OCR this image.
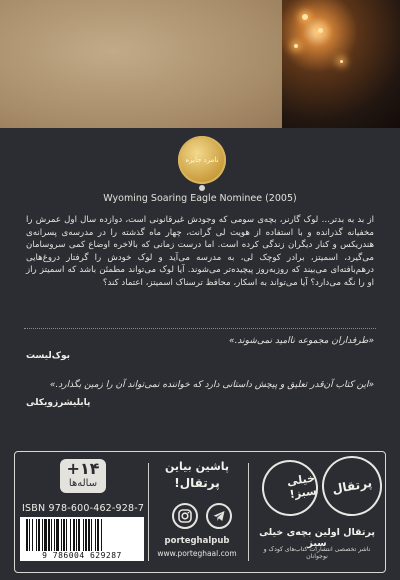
نامزد جایزه
Wyoming Soaring Eagle Nominee (2005)

از بد به بدتر… لوک گارنر، بچه‌ی سومی که وجودش غیرقانونی است، دوازده سال اول عمرش را مخفیانه گذرانده و با استفاده از هویت لی گرانت، چهار ماه گذشته را در مدرسه‌ی پسرانه‌ی هندریکس و کنار دیگران زندگی کرده است. اما درست زمانی که بالاخره اوضاع کمی سروسامان می‌گیرد، اسمیتز، برادر کوچک لی، به مدرسه می‌آید و لوک خودش را گرفتار دروغ‌هایی درهم‌بافته‌ای می‌بیند که روزبه‌روز پیچیده‌تر می‌شوند. آیا لوک می‌تواند مطمئن باشد که اسمیتز راز او را نگه می‌دارد؟ آیا می‌تواند به اسکار، محافظ ترسناک اسمیتز، اعتماد کند؟

«طرفداران مجموعه ناامید نمی‌شوند.»

بوک‌لیست

«این کتاب آن‌قدر تعلیق و پیچش داستانی دارد که خواننده نمی‌تواند آن را زمین بگذارد.»

پابلیشرزویکلی
+۱۴
ساله‌ها
ISBN 978-600-462-928-7
9 786004 629287
پاشین بیاین
پرتقال!
porteghalpub
www.porteghaal.com
خیلی سبز! پرتقال
پرتقال اولین بچه‌ی خیلی سبز
ناشر تخصصی انتشارات کتاب‌های کودک و نوجوانان
